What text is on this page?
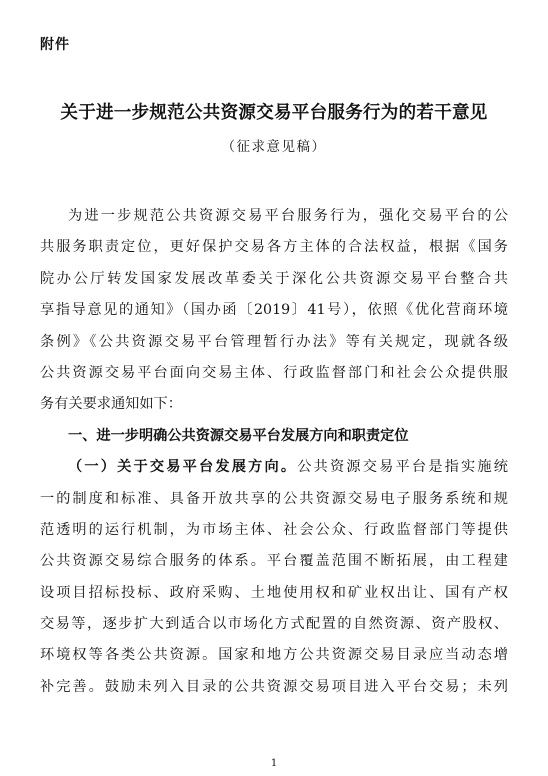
附件
关于进一步规范公共资源交易平台服务行为的若干意见
（征求意见稿）
为进一步规范公共资源交易平台服务行为，强化交易平台的公
共服务职责定位，更好保护交易各方主体的合法权益，根据《国务
院办公厅转发国家发展改革委关于深化公共资源交易平台整合共
享指导意见的通知》（国办函〔2019〕41号），依照《优化营商环境
条例》《公共资源交易平台管理暂行办法》等有关规定，现就各级
公共资源交易平台面向交易主体、行政监督部门和社会公众提供服
务有关要求通知如下：
一、进一步明确公共资源交易平台发展方向和职责定位
（一）关于交易平台发展方向。公共资源交易平台是指实施统
一的制度和标准、具备开放共享的公共资源交易电子服务系统和规
范透明的运行机制，为市场主体、社会公众、行政监督部门等提供
公共资源交易综合服务的体系。平台覆盖范围不断拓展，由工程建
设项目招标投标、政府采购、土地使用权和矿业权出让、国有产权
交易等，逐步扩大到适合以市场化方式配置的自然资源、资产股权、
环境权等各类公共资源。国家和地方公共资源交易目录应当动态增
补完善。鼓励未列入目录的公共资源交易项目进入平台交易；未列
1
